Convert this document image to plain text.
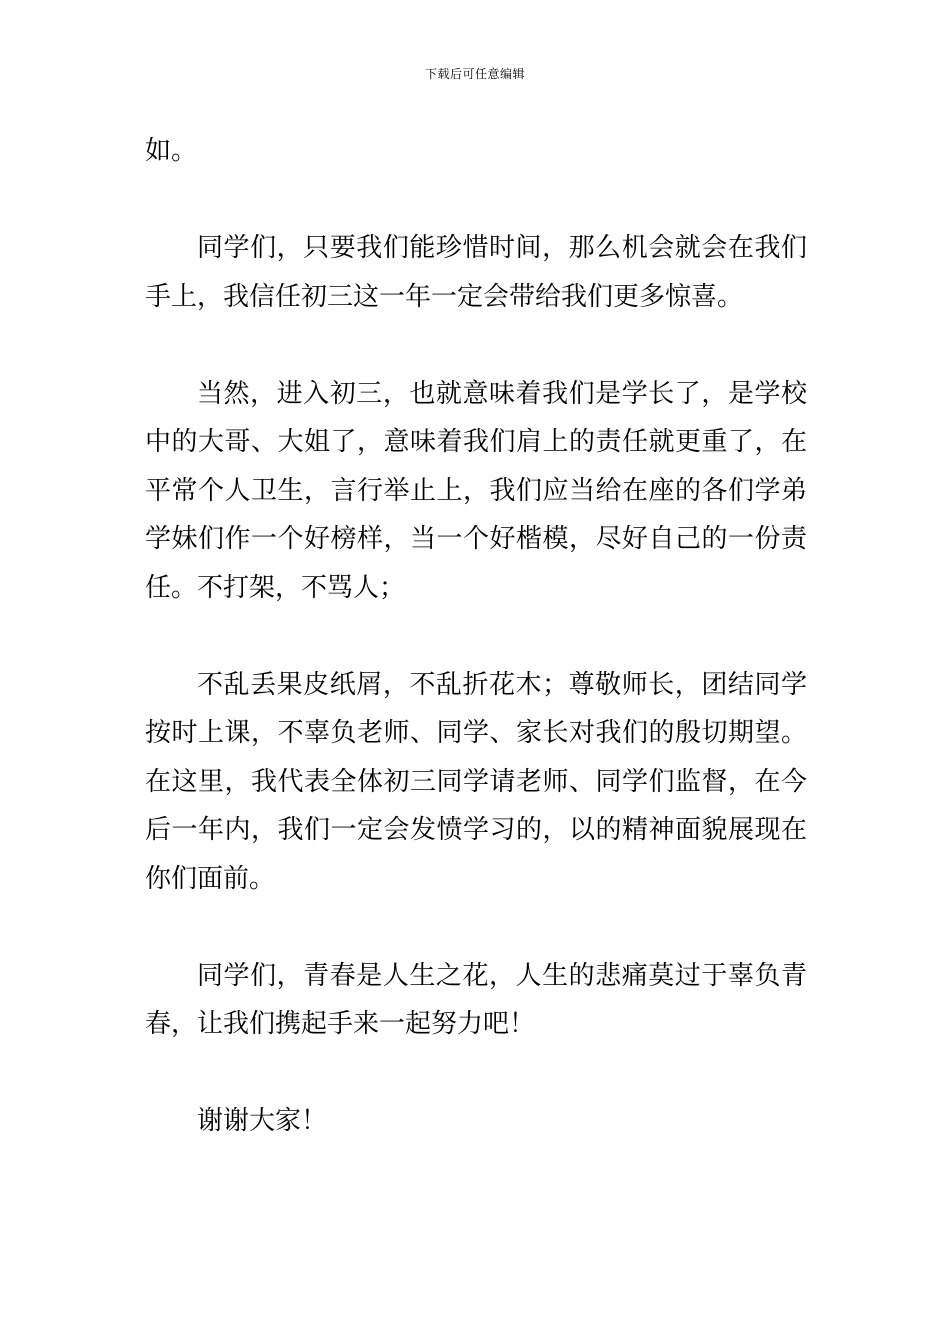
下载后可任意编辑

如。

同学们，只要我们能珍惜时间，那么机会就会在我们手上，我信任初三这一年一定会带给我们更多惊喜。

当然，进入初三，也就意味着我们是学长了，是学校中的大哥、大姐了，意味着我们肩上的责任就更重了，在平常个人卫生，言行举止上，我们应当给在座的各们学弟学妹们作一个好榜样，当一个好楷模，尽好自己的一份责任。不打架，不骂人；

不乱丢果皮纸屑，不乱折花木；尊敬师长，团结同学按时上课，不辜负老师、同学、家长对我们的殷切期望。在这里，我代表全体初三同学请老师、同学们监督，在今后一年内，我们一定会发愤学习的，以的精神面貌展现在你们面前。

同学们，青春是人生之花，人生的悲痛莫过于辜负青春，让我们携起手来一起努力吧！

谢谢大家！
